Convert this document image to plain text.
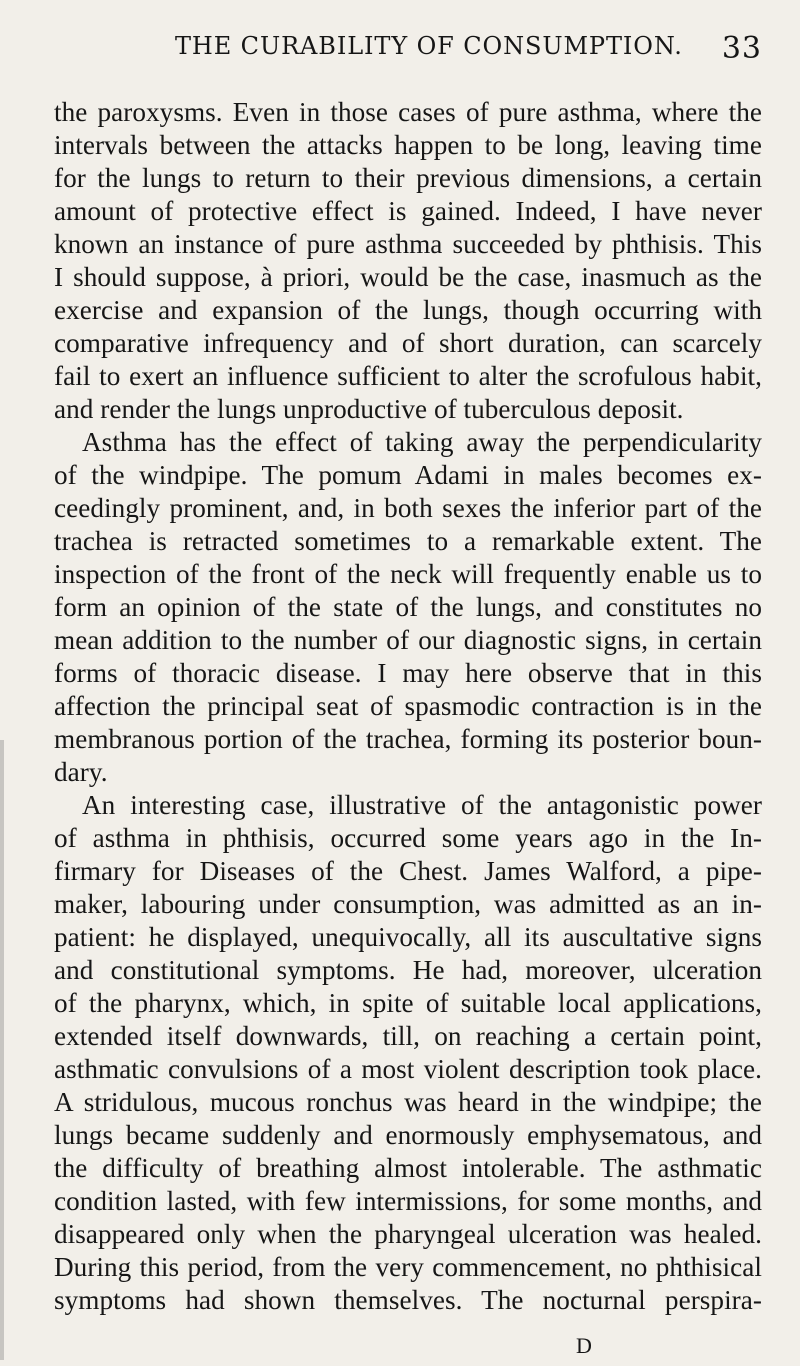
THE CURABILITY OF CONSUMPTION. 33
the paroxysms. Even in those cases of pure asthma, where the
intervals between the attacks happen to be long, leaving time
for the lungs to return to their previous dimensions, a certain
amount of protective effect is gained. Indeed, I have never
known an instance of pure asthma succeeded by phthisis. This
I should suppose, à priori, would be the case, inasmuch as the
exercise and expansion of the lungs, though occurring with
comparative infrequency and of short duration, can scarcely
fail to exert an influence sufficient to alter the scrofulous habit,
and render the lungs unproductive of tuberculous deposit.
Asthma has the effect of taking away the perpendicularity
of the windpipe. The pomum Adami in males becomes ex-
ceedingly prominent, and, in both sexes the inferior part of the
trachea is retracted sometimes to a remarkable extent. The
inspection of the front of the neck will frequently enable us to
form an opinion of the state of the lungs, and constitutes no
mean addition to the number of our diagnostic signs, in certain
forms of thoracic disease. I may here observe that in this
affection the principal seat of spasmodic contraction is in the
membranous portion of the trachea, forming its posterior boun-
dary.
An interesting case, illustrative of the antagonistic power
of asthma in phthisis, occurred some years ago in the In-
firmary for Diseases of the Chest. James Walford, a pipe-
maker, labouring under consumption, was admitted as an in-
patient: he displayed, unequivocally, all its auscultative signs
and constitutional symptoms. He had, moreover, ulceration
of the pharynx, which, in spite of suitable local applications,
extended itself downwards, till, on reaching a certain point,
asthmatic convulsions of a most violent description took place.
A stridulous, mucous ronchus was heard in the windpipe; the
lungs became suddenly and enormously emphysematous, and
the difficulty of breathing almost intolerable. The asthmatic
condition lasted, with few intermissions, for some months, and
disappeared only when the pharyngeal ulceration was healed.
During this period, from the very commencement, no phthisical
symptoms had shown themselves. The nocturnal perspira-
D
